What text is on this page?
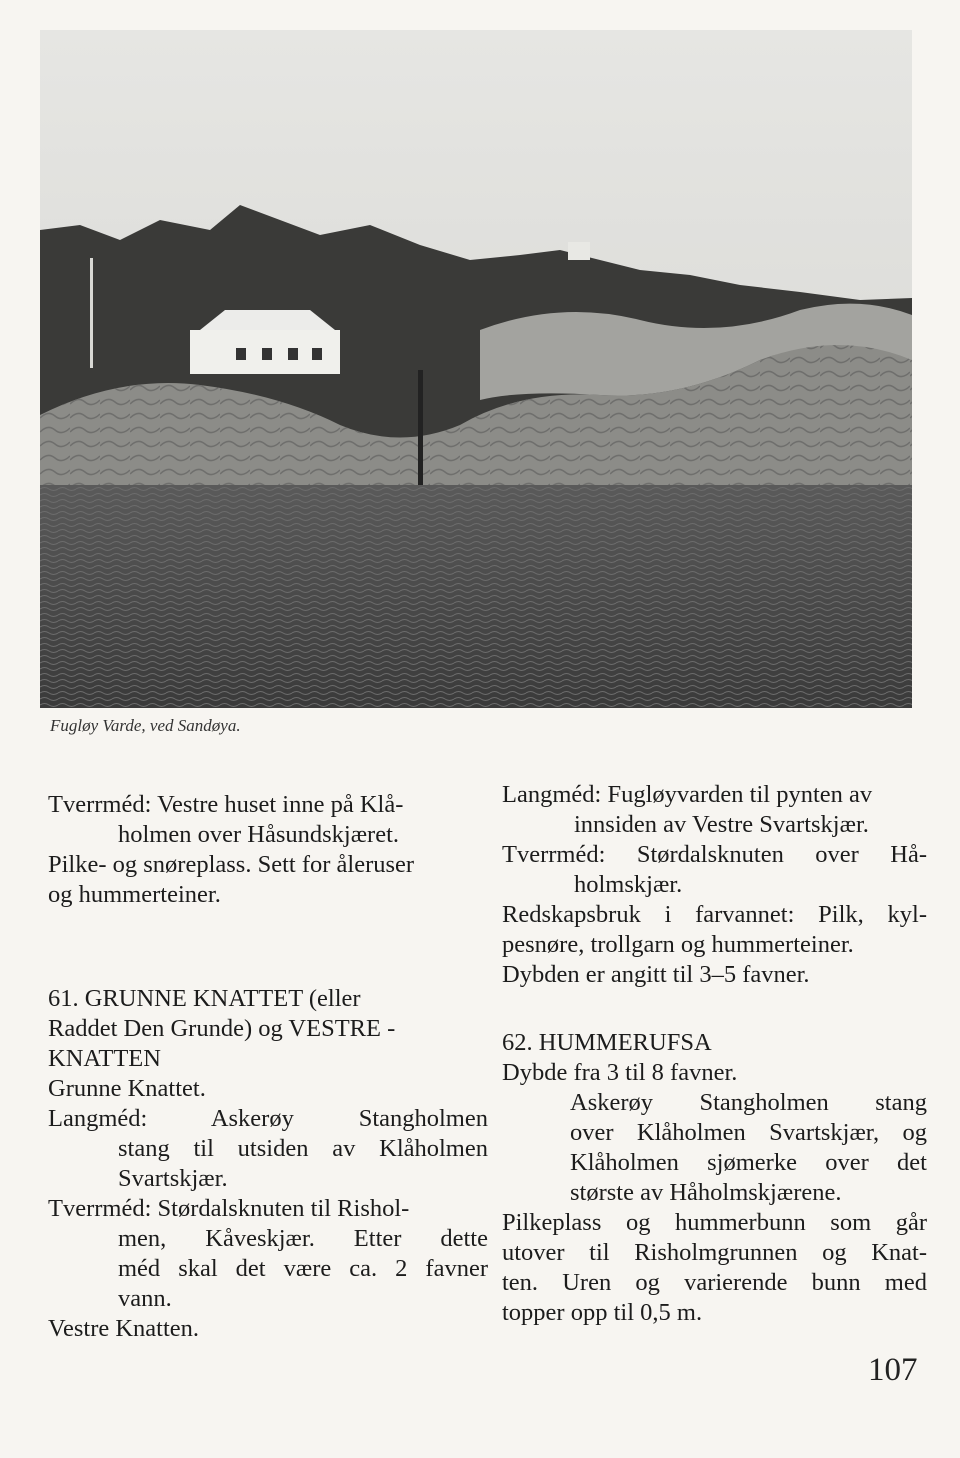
Fugløy Varde, ved Sandøya.

Tverrméd: Vestre huset inne på Klå-

holmen over Håsundskjæret.

Pilke- og snøreplass. Sett for åleruser

og hummerteiner.

61. GRUNNE KNATTET (eller

Raddet Den Grunde) og VESTRE -

KNATTEN

Grunne Knattet.

Langméd: Askerøy Stangholmen

stang til utsiden av Klåholmen

Svartskjær.

Tverrméd: Størdalsknuten til Rishol-

men, Kåveskjær. Etter dette

méd skal det være ca. 2 favner

vann.

Vestre Knatten.

Langméd: Fugløyvarden til pynten av

innsiden av Vestre Svartskjær.

Tverrméd: Størdalsknuten over Hå-

holmskjær.

Redskapsbruk i farvannet: Pilk, kyl-

pesnøre, trollgarn og hummerteiner.

Dybden er angitt til 3–5 favner.

62. HUMMERUFSA

Dybde fra 3 til 8 favner.

Askerøy Stangholmen stang

over Klåholmen Svartskjær, og

Klåholmen sjømerke over det

største av Håholmskjærene.

Pilkeplass og hummerbunn som går

utover til Risholmgrunnen og Knat-

ten. Uren og varierende bunn med

topper opp til 0,5 m.

107
